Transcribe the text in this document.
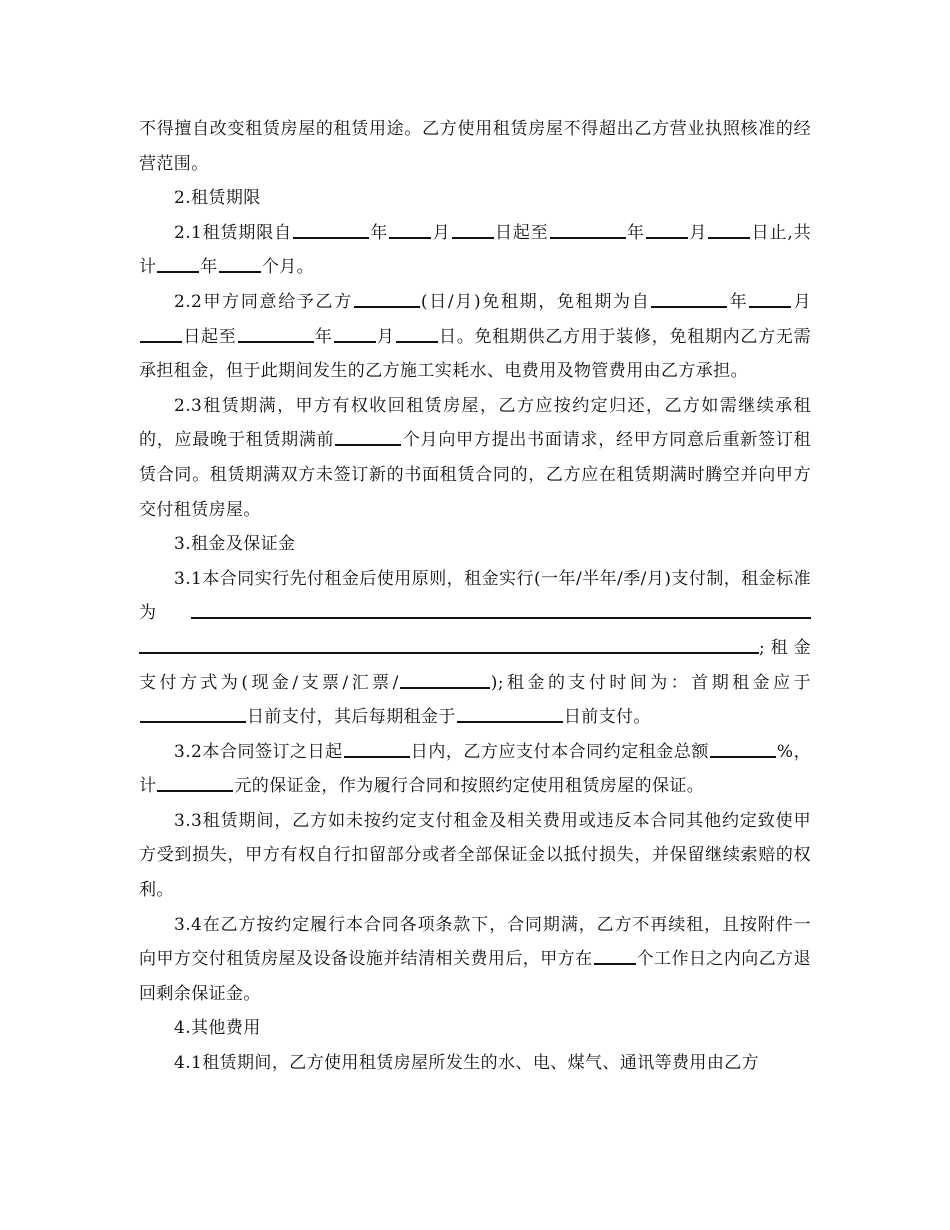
不得擅自改变租赁房屋的租赁用途。乙方使用租赁房屋不得超出乙方营业执照核准的经营范围。

2.租赁期限

2.1租赁期限自	年	月	日起至	年	月	日止,共计	年	个月。

2.2甲方同意给予乙方	(日/月)免租期，免租期为自	年	月日起至	年	月	日。免租期供乙方用于装修，免租期内乙方无需承担租金，但于此期间发生的乙方施工实耗水、电费用及物管费用由乙方承担。

2.3租赁期满，甲方有权收回租赁房屋，乙方应按约定归还，乙方如需继续承租的，应最晚于租赁期满前	个月向甲方提出书面请求，经甲方同意后重新签订租赁合同。租赁期满双方未签订新的书面租赁合同的，乙方应在租赁期满时腾空并向甲方交付租赁房屋。

3.租金及保证金

3.1本合同实行先付租金后使用原则，租金实行(一年/半年/季/月)支付制，租金标准为;租金支付方式为(现金/支票/汇票/	);租金的支付时间为：首期租金应于日前支付，其后每期租金于	日前支付。

3.2本合同签订之日起	日内，乙方应支付本合同约定租金总额	%，计	元的保证金，作为履行合同和按照约定使用租赁房屋的保证。

3.3租赁期间，乙方如未按约定支付租金及相关费用或违反本合同其他约定致使甲方受到损失，甲方有权自行扣留部分或者全部保证金以抵付损失，并保留继续索赔的权利。

3.4在乙方按约定履行本合同各项条款下，合同期满，乙方不再续租，且按附件一向甲方交付租赁房屋及设备设施并结清相关费用后，甲方在	个工作日之内向乙方退回剩余保证金。

4.其他费用

4.1租赁期间，乙方使用租赁房屋所发生的水、电、煤气、通讯等费用由乙方
